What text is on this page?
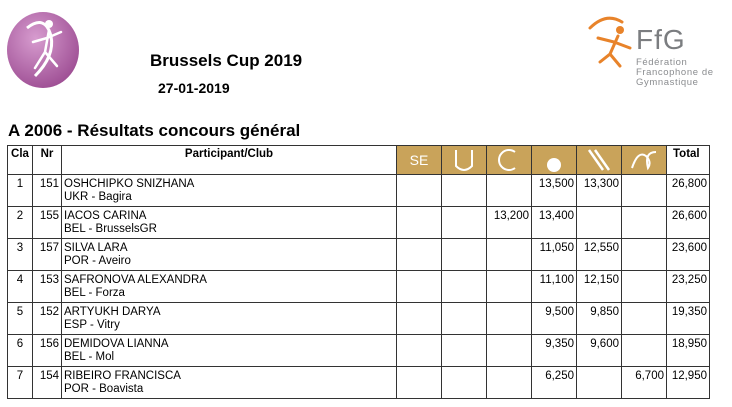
Brussels Cup 2019
27-01-2019
FfG
Fédération
Francophone de
Gymnastique
A 2006 - Résultats concours général
Cla	Nr	Participant/Club	SE						Total

1	151	OSHCHIPKO SNIZHANA
UKR - Bagira				13,500	13,300		26,800

2	155	IACOS CARINA
BEL - BrusselsGR			13,200	13,400			26,600

3	157	SILVA LARA
POR - Aveiro				11,050	12,550		23,600

4	153	SAFRONOVA ALEXANDRA
BEL - Forza				11,100	12,150		23,250

5	152	ARTYUKH DARYA
ESP - Vitry				9,500	9,850		19,350

6	156	DEMIDOVA LIANNA
BEL - Mol				9,350	9,600		18,950

7	154	RIBEIRO FRANCISCA
POR - Boavista				6,250		6,700	12,950
